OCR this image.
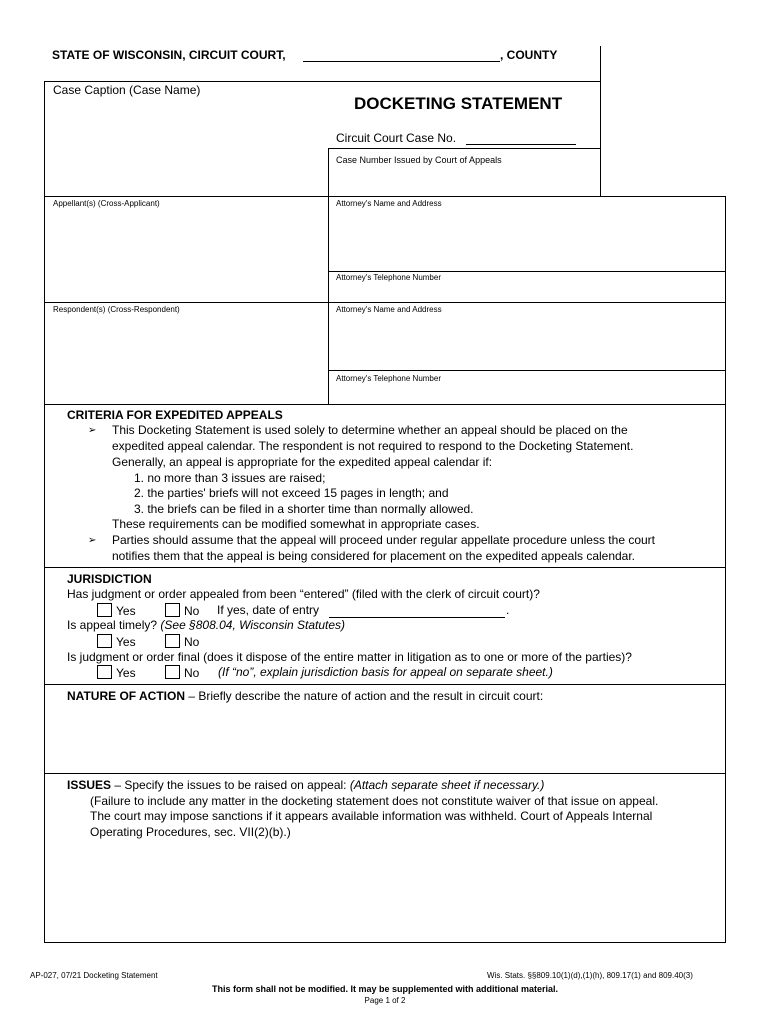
STATE OF WISCONSIN, CIRCUIT COURT,	, COUNTY
Case Caption (Case Name)
DOCKETING STATEMENT
Circuit Court Case No.
Case Number Issued by Court of Appeals
Appellant(s) (Cross-Applicant)	Attorney's Name and Address
Attorney's Telephone Number
Respondent(s) (Cross-Respondent)	Attorney's Name and Address
Attorney's Telephone Number
CRITERIA FOR EXPEDITED APPEALS
➢ This Docketing Statement is used solely to determine whether an appeal should be placed on the
expedited appeal calendar. The respondent is not required to respond to the Docketing Statement.
Generally, an appeal is appropriate for the expedited appeal calendar if:
1. no more than 3 issues are raised;
2. the parties' briefs will not exceed 15 pages in length; and
3. the briefs can be filed in a shorter time than normally allowed.
These requirements can be modified somewhat in appropriate cases.
➢ Parties should assume that the appeal will proceed under regular appellate procedure unless the court
notifies them that the appeal is being considered for placement on the expedited appeals calendar.
JURISDICTION
Has judgment or order appealed from been “entered” (filed with the clerk of circuit court)?
Yes	No If yes, date of entry	.
Is appeal timely? (See §808.04, Wisconsin Statutes)
Yes	No
Is judgment or order final (does it dispose of the entire matter in litigation as to one or more of the parties)?
Yes	No (If “no”, explain jurisdiction basis for appeal on separate sheet.)
NATURE OF ACTION – Briefly describe the nature of action and the result in circuit court:
ISSUES – Specify the issues to be raised on appeal: (Attach separate sheet if necessary.)
(Failure to include any matter in the docketing statement does not constitute waiver of that issue on appeal.
The court may impose sanctions if it appears available information was withheld. Court of Appeals Internal
Operating Procedures, sec. VII(2)(b).)
AP-027, 07/21 Docketing Statement	Wis. Stats. §§809.10(1)(d),(1)(h), 809.17(1) and 809.40(3)
This form shall not be modified. It may be supplemented with additional material.
Page 1 of 2
